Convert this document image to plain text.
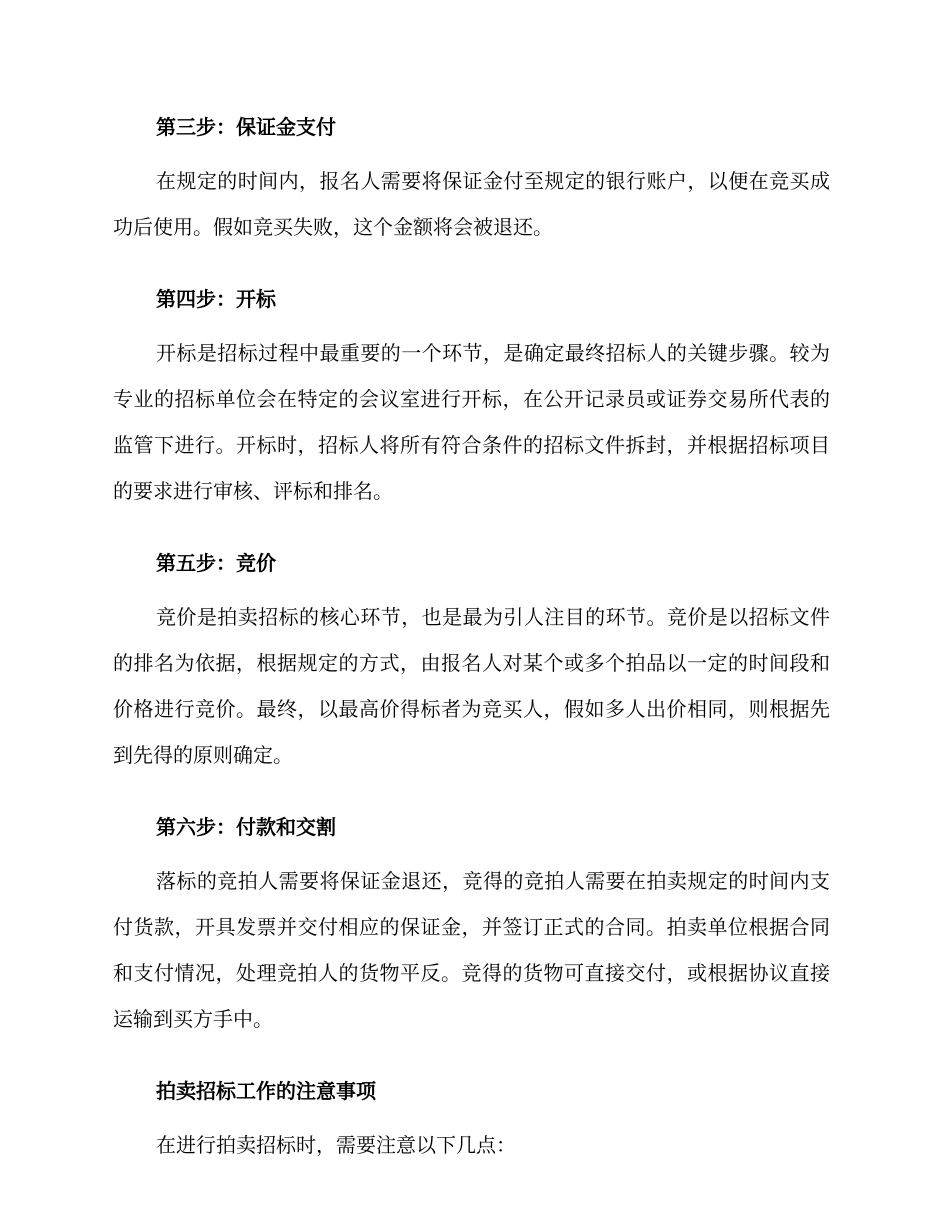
第三步：保证金支付

在规定的时间内，报名人需要将保证金付至规定的银行账户，以便在竞买成功后使用。假如竞买失败，这个金额将会被退还。

第四步：开标

开标是招标过程中最重要的一个环节，是确定最终招标人的关键步骤。较为专业的招标单位会在特定的会议室进行开标，在公开记录员或证券交易所代表的监管下进行。开标时，招标人将所有符合条件的招标文件拆封，并根据招标项目的要求进行审核、评标和排名。

第五步：竞价

竞价是拍卖招标的核心环节，也是最为引人注目的环节。竞价是以招标文件的排名为依据，根据规定的方式，由报名人对某个或多个拍品以一定的时间段和价格进行竞价。最终，以最高价得标者为竞买人，假如多人出价相同，则根据先到先得的原则确定。

第六步：付款和交割

落标的竞拍人需要将保证金退还，竞得的竞拍人需要在拍卖规定的时间内支付货款，开具发票并交付相应的保证金，并签订正式的合同。拍卖单位根据合同和支付情况，处理竞拍人的货物平反。竞得的货物可直接交付，或根据协议直接运输到买方手中。

拍卖招标工作的注意事项

在进行拍卖招标时，需要注意以下几点：
